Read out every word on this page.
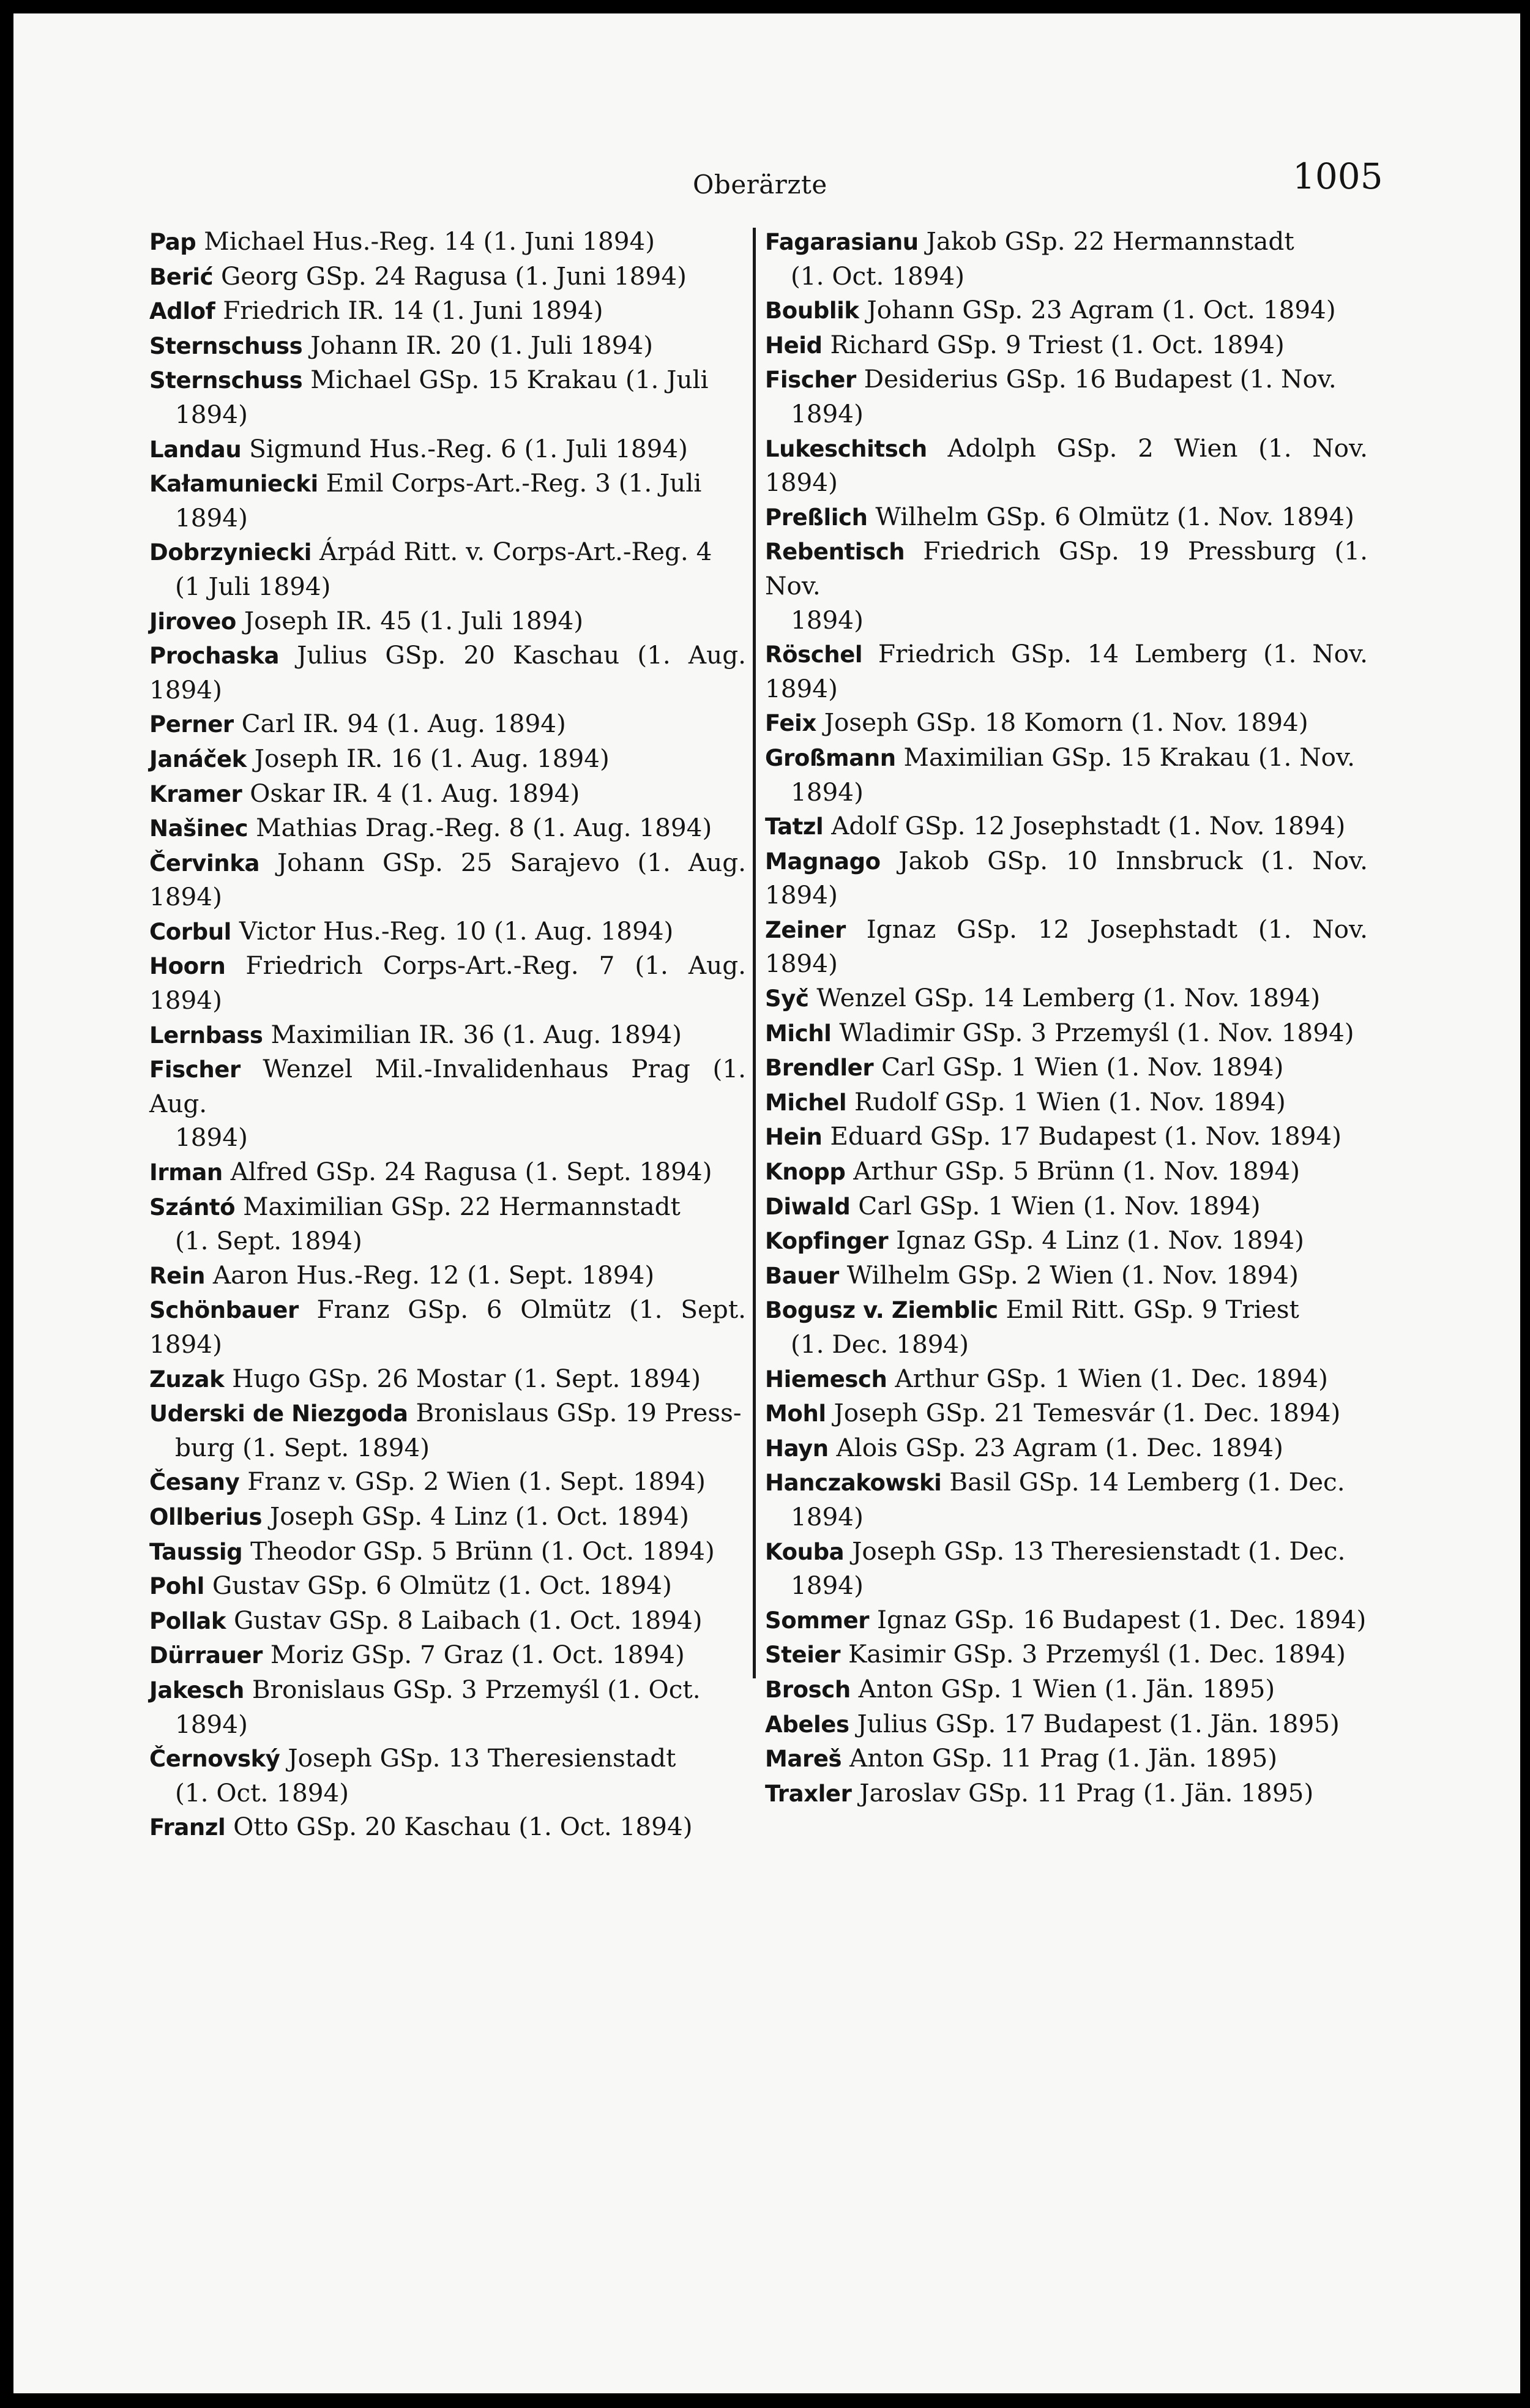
Oberärzte	1005
Pap Michael Hus.-Reg. 14 (1. Juni 1894)
Berić Georg GSp. 24 Ragusa (1. Juni 1894)
Adlof Friedrich IR. 14 (1. Juni 1894)
Sternschuss Johann IR. 20 (1. Juli 1894)
Sternschuss Michael GSp. 15 Krakau (1. Juli
1894)
Landau Sigmund Hus.-Reg. 6 (1. Juli 1894)
Kałamuniecki Emil Corps-Art.-Reg. 3 (1. Juli
1894)
Dobrzyniecki Árpád Ritt. v. Corps-Art.-Reg. 4
(1 Juli 1894)
Jiroveo Joseph IR. 45 (1. Juli 1894)
Prochaska Julius GSp. 20 Kaschau (1. Aug. 1894)
Perner Carl IR. 94 (1. Aug. 1894)
Janáček Joseph IR. 16 (1. Aug. 1894)
Kramer Oskar IR. 4 (1. Aug. 1894)
Našinec Mathias Drag.-Reg. 8 (1. Aug. 1894)
Červinka Johann GSp. 25 Sarajevo (1. Aug. 1894)
Corbul Victor Hus.-Reg. 10 (1. Aug. 1894)
Hoorn Friedrich Corps-Art.-Reg. 7 (1. Aug. 1894)
Lernbass Maximilian IR. 36 (1. Aug. 1894)
Fischer Wenzel Mil.-Invalidenhaus Prag (1. Aug.
1894)
Irman Alfred GSp. 24 Ragusa (1. Sept. 1894)
Szántó Maximilian GSp. 22 Hermannstadt
(1. Sept. 1894)
Rein Aaron Hus.-Reg. 12 (1. Sept. 1894)
Schönbauer Franz GSp. 6 Olmütz (1. Sept. 1894)
Zuzak Hugo GSp. 26 Mostar (1. Sept. 1894)
Uderski de Niezgoda Bronislaus GSp. 19 Press-
burg (1. Sept. 1894)
Česany Franz v. GSp. 2 Wien (1. Sept. 1894)
Ollberius Joseph GSp. 4 Linz (1. Oct. 1894)
Taussig Theodor GSp. 5 Brünn (1. Oct. 1894)
Pohl Gustav GSp. 6 Olmütz (1. Oct. 1894)
Pollak Gustav GSp. 8 Laibach (1. Oct. 1894)
Dürrauer Moriz GSp. 7 Graz (1. Oct. 1894)
Jakesch Bronislaus GSp. 3 Przemyśl (1. Oct.
1894)
Černovský Joseph GSp. 13 Theresienstadt
(1. Oct. 1894)
Franzl Otto GSp. 20 Kaschau (1. Oct. 1894)
Fagarasianu Jakob GSp. 22 Hermannstadt
(1. Oct. 1894)
Boublik Johann GSp. 23 Agram (1. Oct. 1894)
Heid Richard GSp. 9 Triest (1. Oct. 1894)
Fischer Desiderius GSp. 16 Budapest (1. Nov.
1894)
Lukeschitsch Adolph GSp. 2 Wien (1. Nov. 1894)
Preßlich Wilhelm GSp. 6 Olmütz (1. Nov. 1894)
Rebentisch Friedrich GSp. 19 Pressburg (1. Nov.
1894)
Röschel Friedrich GSp. 14 Lemberg (1. Nov. 1894)
Feix Joseph GSp. 18 Komorn (1. Nov. 1894)
Großmann Maximilian GSp. 15 Krakau (1. Nov.
1894)
Tatzl Adolf GSp. 12 Josephstadt (1. Nov. 1894)
Magnago Jakob GSp. 10 Innsbruck (1. Nov. 1894)
Zeiner Ignaz GSp. 12 Josephstadt (1. Nov. 1894)
Syč Wenzel GSp. 14 Lemberg (1. Nov. 1894)
Michl Wladimir GSp. 3 Przemyśl (1. Nov. 1894)
Brendler Carl GSp. 1 Wien (1. Nov. 1894)
Michel Rudolf GSp. 1 Wien (1. Nov. 1894)
Hein Eduard GSp. 17 Budapest (1. Nov. 1894)
Knopp Arthur GSp. 5 Brünn (1. Nov. 1894)
Diwald Carl GSp. 1 Wien (1. Nov. 1894)
Kopfinger Ignaz GSp. 4 Linz (1. Nov. 1894)
Bauer Wilhelm GSp. 2 Wien (1. Nov. 1894)
Bogusz v. Ziemblic Emil Ritt. GSp. 9 Triest
(1. Dec. 1894)
Hiemesch Arthur GSp. 1 Wien (1. Dec. 1894)
Mohl Joseph GSp. 21 Temesvár (1. Dec. 1894)
Hayn Alois GSp. 23 Agram (1. Dec. 1894)
Hanczakowski Basil GSp. 14 Lemberg (1. Dec.
1894)
Kouba Joseph GSp. 13 Theresienstadt (1. Dec.
1894)
Sommer Ignaz GSp. 16 Budapest (1. Dec. 1894)
Steier Kasimir GSp. 3 Przemyśl (1. Dec. 1894)
Brosch Anton GSp. 1 Wien (1. Jän. 1895)
Abeles Julius GSp. 17 Budapest (1. Jän. 1895)
Mareš Anton GSp. 11 Prag (1. Jän. 1895)
Traxler Jaroslav GSp. 11 Prag (1. Jän. 1895)
